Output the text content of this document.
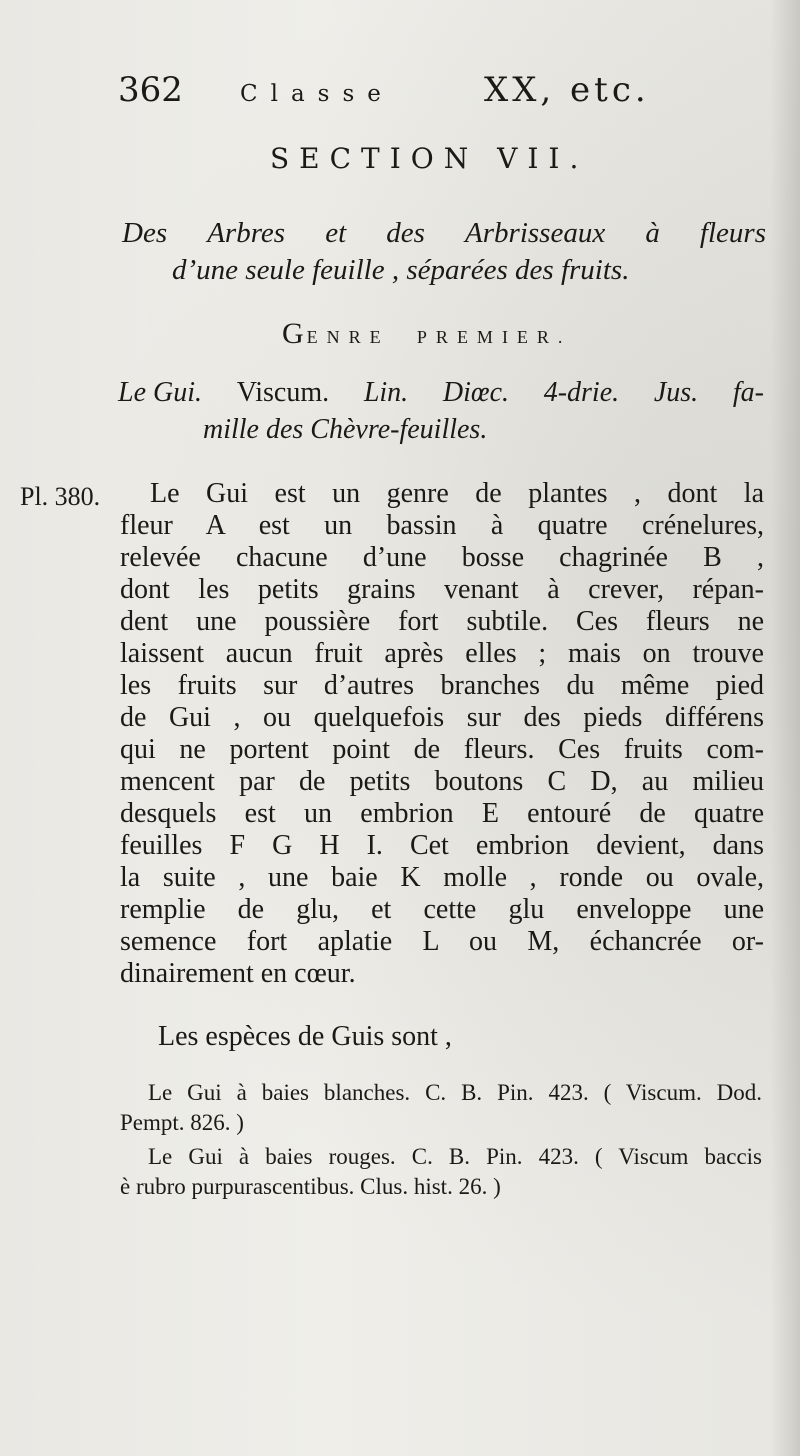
362 Classe	XX, etc.
SECTION VII.
Des Arbres et des Arbrisseaux à fleurs
d’une seule feuille , séparées des fruits.
GENRE PREMIER.
Le Gui. Viscum. Lin. Diœc. 4-drie. Jus. fa-
mille des Chèvre-feuilles.
Pl. 380. Le Gui est un genre de plantes , dont la
fleur A est un bassin à quatre crénelures,
relevée chacune d’une bosse chagrinée B ,
dont les petits grains venant à crever, répan-
dent une poussière fort subtile. Ces fleurs ne
laissent aucun fruit après elles ; mais on trouve
les fruits sur d’autres branches du même pied
de Gui , ou quelquefois sur des pieds différens
qui ne portent point de fleurs. Ces fruits com-
mencent par de petits boutons C D, au milieu
desquels est un embrion E entouré de quatre
feuilles F G H I. Cet embrion devient, dans
la suite , une baie K molle , ronde ou ovale,
remplie de glu, et cette glu enveloppe une
semence fort aplatie L ou M, échancrée or-
dinairement en cœur.
Les espèces de Guis sont ,
Le Gui à baies blanches. C. B. Pin. 423. ( Viscum. Dod.
Pempt. 826. )
Le Gui à baies rouges. C. B. Pin. 423. ( Viscum baccis
è rubro purpurascentibus. Clus. hist. 26. )
